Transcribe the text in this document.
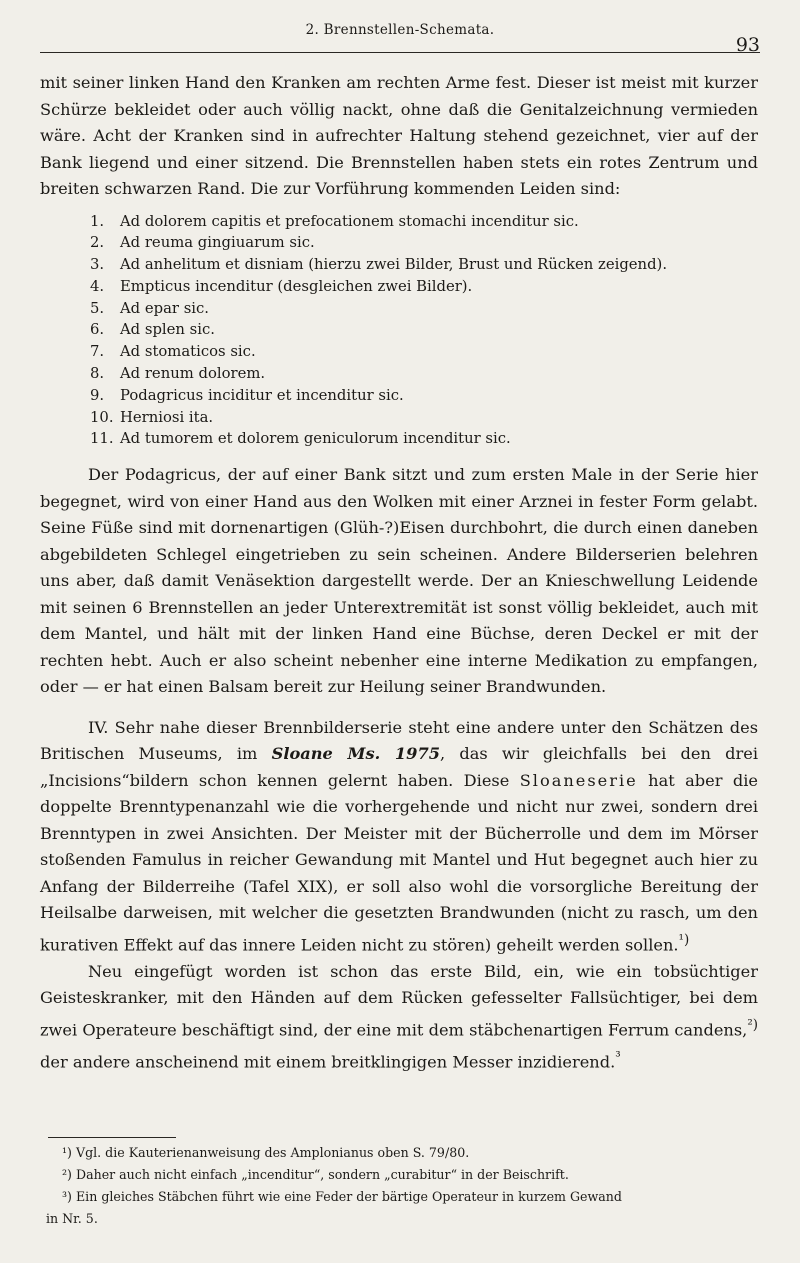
2. Brennstellen-Schemata.
93

mit seiner linken Hand den Kranken am rechten Arme fest. Dieser ist meist mit kurzer Schürze bekleidet oder auch völlig nackt, ohne daß die Genitalzeichnung vermieden wäre. Acht der Kranken sind in aufrechter Haltung stehend gezeichnet, vier auf der Bank liegend und einer sitzend. Die Brennstellen haben stets ein rotes Zentrum und breiten schwarzen Rand. Die zur Vorführung kommenden Leiden sind:

1.	Ad dolorem capitis et prefocationem stomachi incenditur sic.
2.	Ad reuma gingiuarum sic.
3.	Ad anhelitum et disniam (hierzu zwei Bilder, Brust und Rücken zeigend).
4.	Empticus incenditur (desgleichen zwei Bilder).
5.	Ad epar sic.
6.	Ad splen sic.
7.	Ad stomaticos sic.
8.	Ad renum dolorem.
9.	Podagricus inciditur et incenditur sic.
10. Herniosi ita.
11. Ad tumorem et dolorem geniculorum incenditur sic.

Der Podagricus, der auf einer Bank sitzt und zum ersten Male in der Serie hier begegnet, wird von einer Hand aus den Wolken mit einer Arznei in fester Form gelabt. Seine Füße sind mit dornenartigen (Glüh-?)Eisen durchbohrt, die durch einen daneben abgebildeten Schlegel eingetrieben zu sein scheinen. Andere Bilderserien belehren uns aber, daß damit Venäsektion dargestellt werde. Der an Knieschwellung Leidende mit seinen 6 Brennstellen an jeder Unterextremität ist sonst völlig bekleidet, auch mit dem Mantel, und hält mit der linken Hand eine Büchse, deren Deckel er mit der rechten hebt. Auch er also scheint nebenher eine interne Medikation zu empfangen, oder — er hat einen Balsam bereit zur Heilung seiner Brandwunden.

IV. Sehr nahe dieser Brennbilderserie steht eine andere unter den Schätzen des Britischen Museums, im Sloane Ms. 1975, das wir gleichfalls bei den drei „Incisions“bildern schon kennen gelernt haben. Diese Sloaneserie hat aber die doppelte Brenntypenanzahl wie die vorhergehende und nicht nur zwei, sondern drei Brenntypen in zwei Ansichten. Der Meister mit der Bücherrolle und dem im Mörser stoßenden Famulus in reicher Gewandung mit Mantel und Hut begegnet auch hier zu Anfang der Bilderreihe (Tafel XIX), er soll also wohl die vorsorgliche Bereitung der Heilsalbe darweisen, mit welcher die gesetzten Brandwunden (nicht zu rasch, um den kurativen Effekt auf das innere Leiden nicht zu stören) geheilt werden sollen.$^{^1)}$

Neu eingefügt worden ist schon das erste Bild, ein, wie ein tobsüchtiger Geisteskranker, mit den Händen auf dem Rücken gefesselter Fallsüchtiger, bei dem zwei Operateure beschäftigt sind, der eine mit dem stäbchenartigen Ferrum candens,$^{^2)}$ der andere anscheinend mit einem breitklingigen Messer inzidierend.$^{^3}$

¹) Vgl. die Kauterienanweisung des Amplonianus oben S. 79/80.
²) Daher auch nicht einfach „incenditur“, sondern „curabitur“ in der Beischrift.
³) Ein gleiches Stäbchen führt wie eine Feder der bärtige Operateur in kurzem Gewand
in Nr. 5.
